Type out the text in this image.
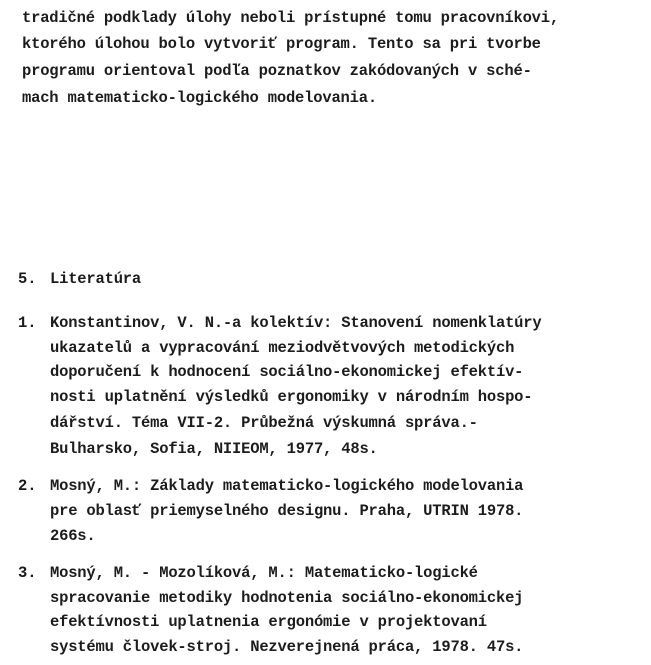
tradičné podklady úlohy neboli prístupné tomu pracovníkovi,
ktorého úlohou bolo vytvoriť program. Tento sa pri tvorbe
programu orientoval podľa poznatkov zakódovaných v sché-
mach matematicko-logického modelovania.
5. Literatúra
1. Konstantinov, V. N.-a kolektív: Stanovení nomenklatúry
ukazatelů a vypracování meziodvětvových metodických
doporučení k hodnocení sociálno-ekonomickej efektív-
nosti uplatnění výsledků ergonomiky v národním hospo-
dářství. Téma VII-2. Průbežná výskumná správa.-
Bulharsko, Sofia, NIIEOM, 1977, 48s.
2. Mosný, M.: Základy matematicko-logického modelovania
pre oblasť priemyselného designu. Praha, UTRIN 1978.
266s.
3. Mosný, M. - Mozolíková, M.: Matematicko-logické
spracovanie metodiky hodnotenia sociálno-ekonomickej
efektívnosti uplatnenia ergonómie v projektovaní
systému človek-stroj. Nezverejnená práca, 1978. 47s.
